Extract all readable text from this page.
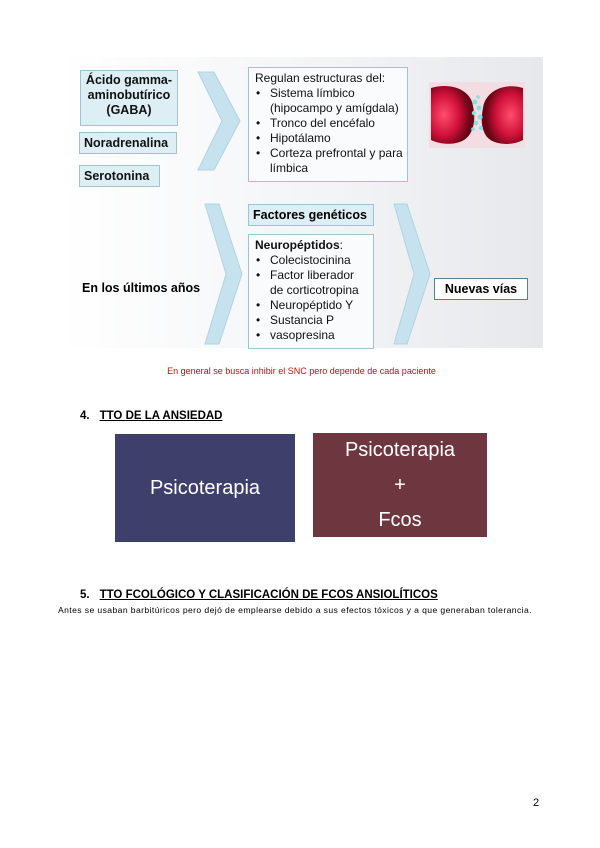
Ácido gamma-
aminobutírico
(GABA)
Noradrenalina
Serotonina
Regulan estructuras del:
• Sistema límbico
(hipocampo y amígdala)
• Tronco del encéfalo
• Hipotálamo
• Corteza prefrontal y para
límbica
Factores genéticos
Neuropéptidos:
• Colecistocinina
• Factor liberador
de corticotropina
• Neuropéptido Y
• Sustancia P
• vasopresina
En los últimos años	Nuevas vías
En general se busca inhibir el SNC pero depende de cada paciente
4. TTO DE LA ANSIEDAD
Psicoterapia
Psicoterapia
+
Fcos
5. TTO FCOLÓGICO Y CLASIFICACIÓN DE FCOS ANSIOLÍTICOS
Antes se usaban barbitúricos pero dejó de emplearse debido a sus efectos tóxicos y a que generaban tolerancia.
2
